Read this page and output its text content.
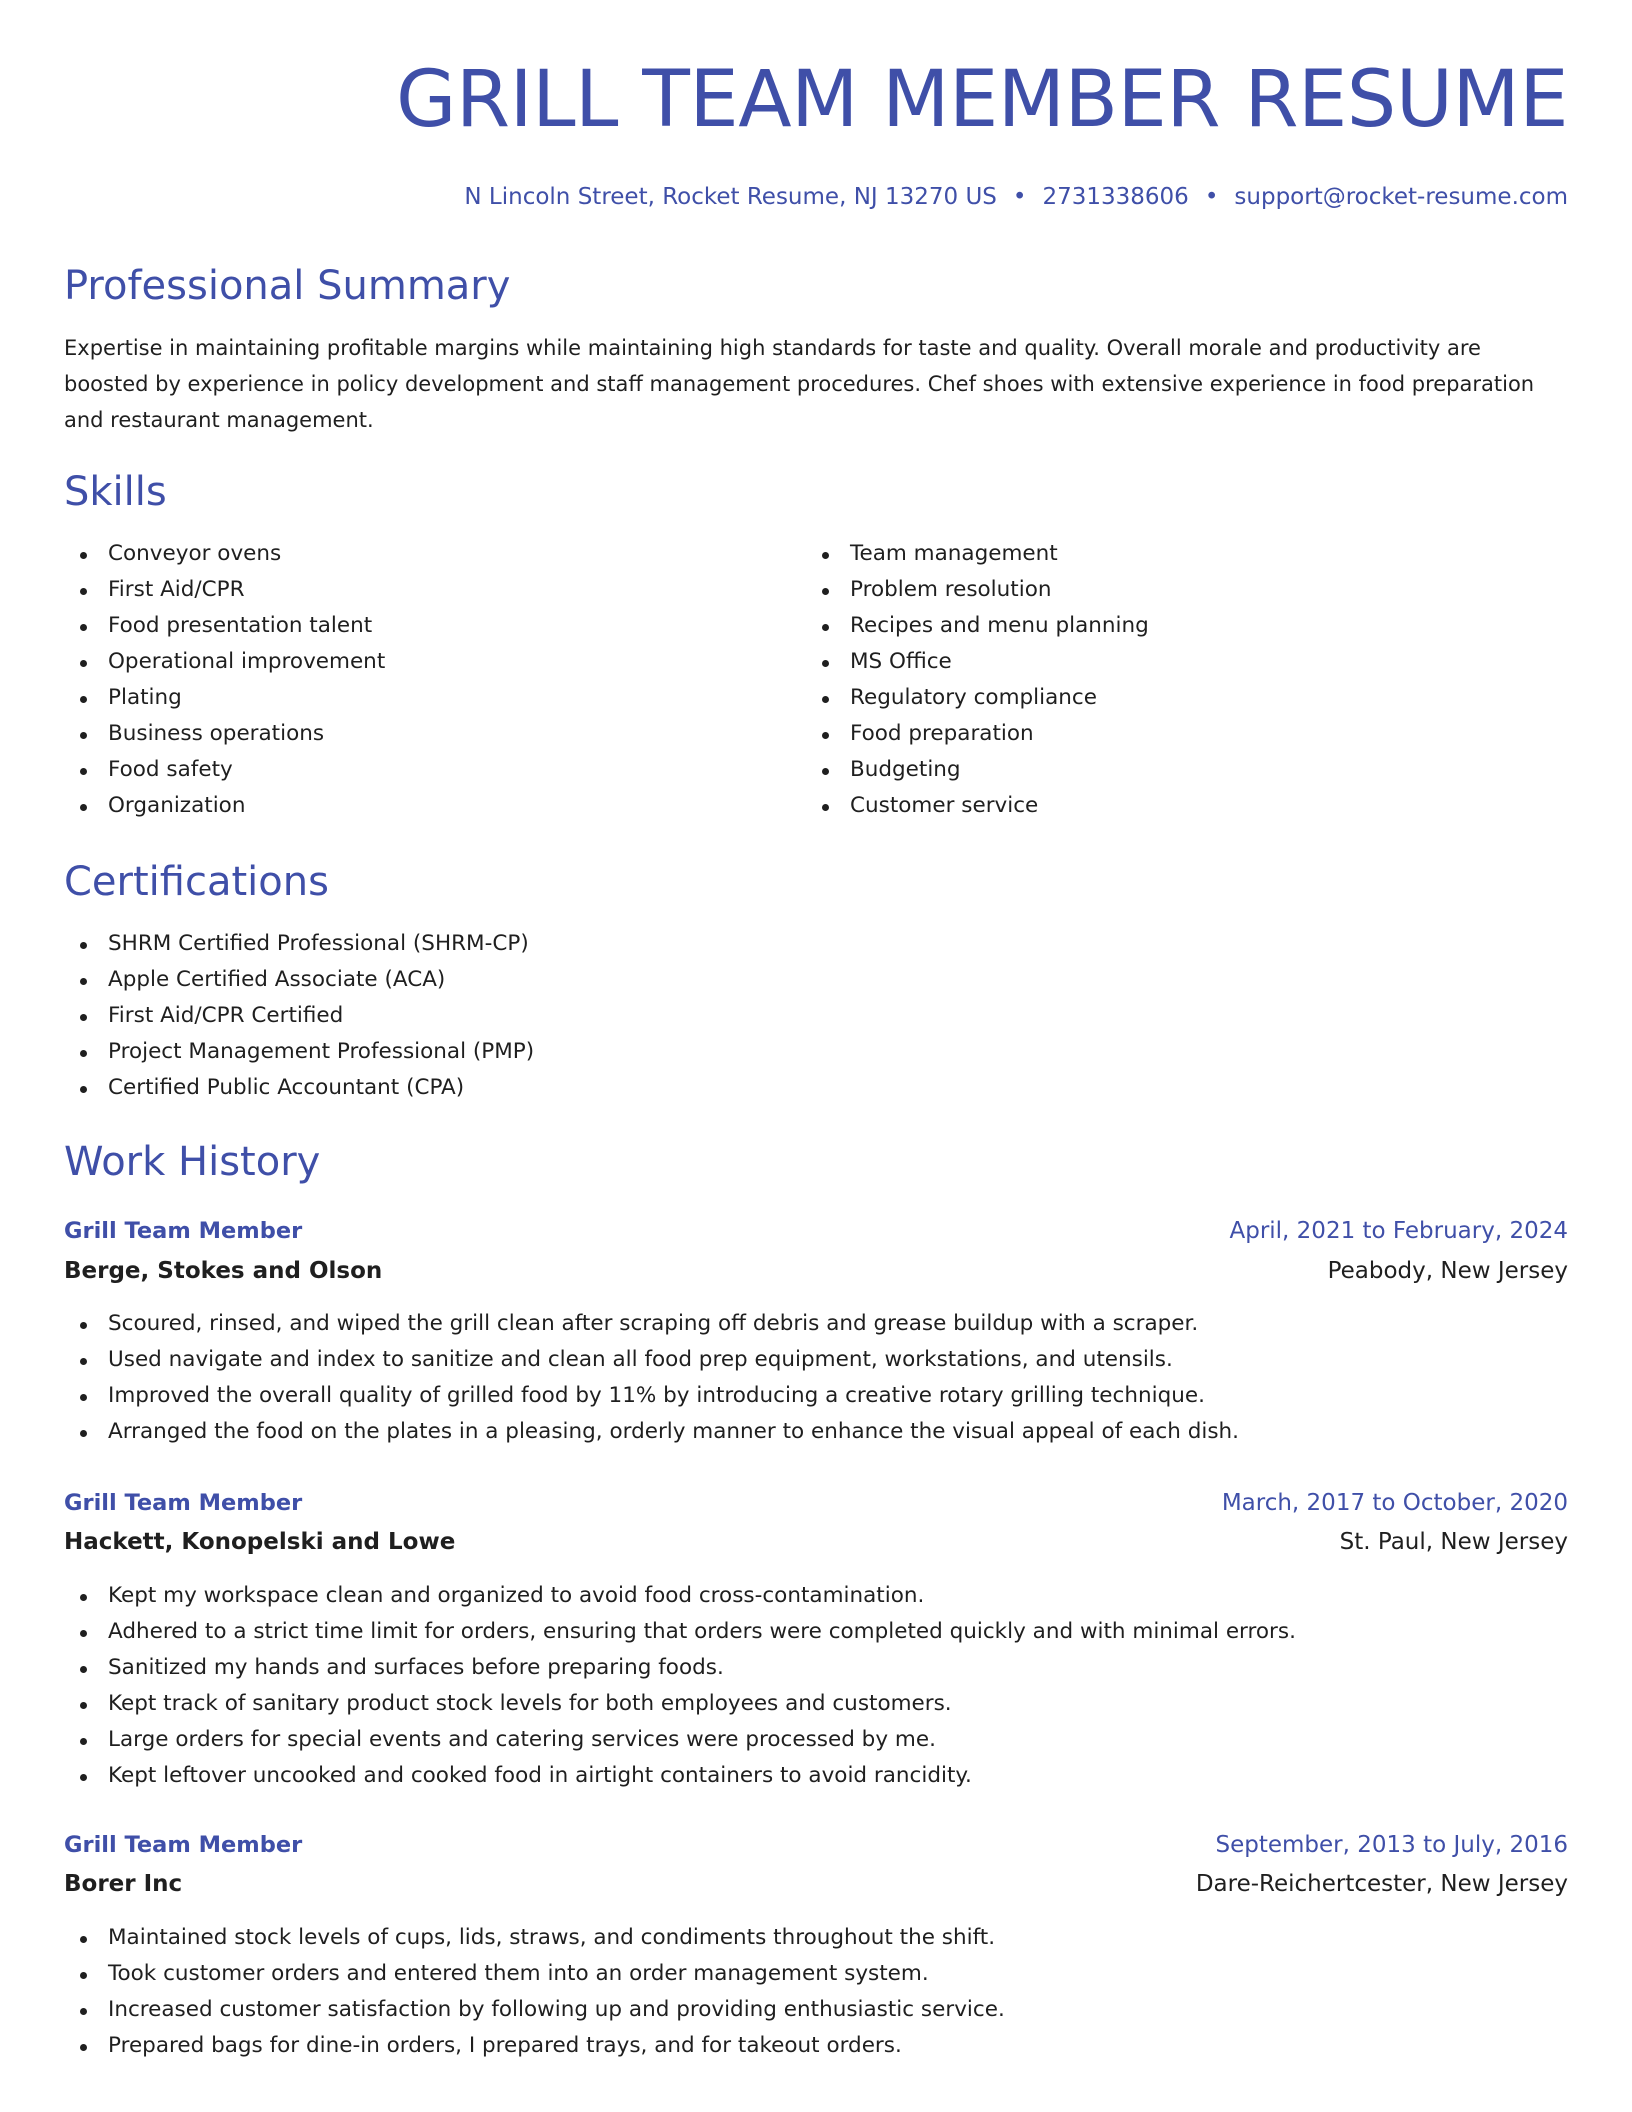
GRILL TEAM MEMBER RESUME
N Lincoln Street, Rocket Resume, NJ 13270 US • 2731338606 • support@rocket-resume.com
Professional Summary

Expertise in maintaining profitable margins while maintaining high standards for taste and quality. Overall morale and productivity are boosted by experience in policy development and staff management procedures. Chef shoes with extensive experience in food preparation and restaurant management.

Skills
Conveyor ovens
First Aid/CPR
Food presentation talent
Operational improvement
Plating
Business operations
Food safety
Organization
Team management
Problem resolution
Recipes and menu planning
MS Office
Regulatory compliance
Food preparation
Budgeting
Customer service
Certifications
SHRM Certified Professional (SHRM-CP)
Apple Certified Associate (ACA)
First Aid/CPR Certified
Project Management Professional (PMP)
Certified Public Accountant (CPA)
Work History
Grill Team Member	April, 2021 to February, 2024
Berge, Stokes and Olson	Peabody, New Jersey
Scoured, rinsed, and wiped the grill clean after scraping off debris and grease buildup with a scraper.
Used navigate and index to sanitize and clean all food prep equipment, workstations, and utensils.
Improved the overall quality of grilled food by 11% by introducing a creative rotary grilling technique.
Arranged the food on the plates in a pleasing, orderly manner to enhance the visual appeal of each dish.
Grill Team Member	March, 2017 to October, 2020
Hackett, Konopelski and Lowe	St. Paul, New Jersey
Kept my workspace clean and organized to avoid food cross-contamination.
Adhered to a strict time limit for orders, ensuring that orders were completed quickly and with minimal errors.
Sanitized my hands and surfaces before preparing foods.
Kept track of sanitary product stock levels for both employees and customers.
Large orders for special events and catering services were processed by me.
Kept leftover uncooked and cooked food in airtight containers to avoid rancidity.
Grill Team Member	September, 2013 to July, 2016
Borer Inc	Dare-Reichertcester, New Jersey
Maintained stock levels of cups, lids, straws, and condiments throughout the shift.
Took customer orders and entered them into an order management system.
Increased customer satisfaction by following up and providing enthusiastic service.
Prepared bags for dine-in orders, I prepared trays, and for takeout orders.
